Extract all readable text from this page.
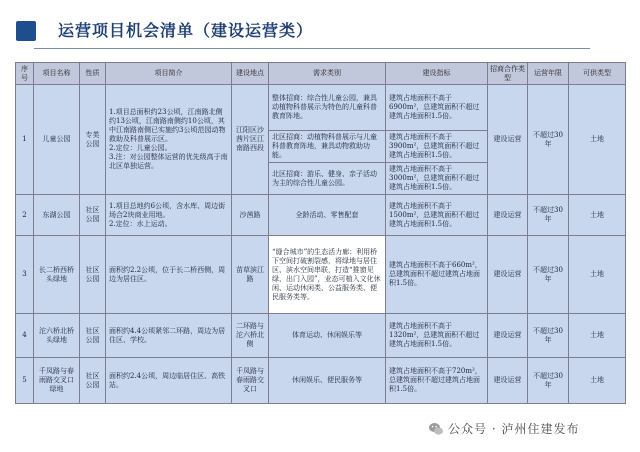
运营项目机会清单（建设运营类）
序号	项目名称	性质	项目简介	建设地点	需求类别	建设指标	招商合作类型	运营年限	可供类型
1	儿童公园	专类公园	1.项目总面积约23公顷，江南路北侧约13公顷，江南路南侧约10公顷，其中江南路南侧已实施约3公顷范园动物救助及科普展示区。
2.定位：儿童公园。
3.注：对公园整体运营的优先级高于南北区单独运营。	江阳区沙茜片区江南路西段	整体招商：综合性儿童公园，兼具动植物科普展示为特色的儿童科普教育阵地。	建筑占地面积不高于6900m²，总建筑面积不超过建筑占地面积1.5倍。	建设运营	不超过30年	土地
					北区招商：动植物科普展示与儿童科普教育阵地，兼具动物救助功能。	建筑占地面积不高于3900m²，总建筑面积不超过建筑占地面积1.5倍。			
					北区招商：游乐、健身、亲子活动为主的综合性儿童公园。	建筑占地面积不高于3000m²，总建筑面积不超过建筑占地面积1.5倍。			
2	东湖公园	社区公园	1.项目总地约6公顷，含水库、周边街场合2块商业用地。
2.定位：水上运动。	沙茜路	全龄活动、零售配套	建筑占地面积不高于1500m²，总建筑面积不超过建筑占地面积1.5倍。	建设运营	不超过30年	土地
3	长二桥西桥头绿地	社区公园	面积约2.2公顷，位于长二桥西侧，周边为居住区。	苗草滨江路	“缝合城市”的生态活力廊：利用桥下空间打破割裂感，将绿地与居住区、滨水空间串联，打造“推窗见绿、出门入园”，业态可植入文化休闲、运动休闲类、公益服务类、便民服务类等。	建筑占地面积不高于660m²，总建筑面积不超过建筑占地面积1.5倍。	建设运营	不超过30年	土地
4	沱六桥北桥头绿地	社区公园	面积约4.4公顷紧邻二环路，周边为居住区、学校。	二环路与沱六桥北侧	体育运动、休闲娱乐等	建筑占地面积不高于1320m²，总建筑面积不超过建筑占地面积1.5倍。	建设运营	不超过30年	土地
5	千凤路与春雨路交叉口绿地	社区公园	面积约2.4公顷，周边临居住区、高铁站。	千凤路与春雨路交叉口	休闲娱乐、便民服务等	建筑占地面积不高于720m²，总建筑面积不超过建筑占地面积1.5倍。	建设运营	不超过30年	土地
公众号 · 泸州住建发布
